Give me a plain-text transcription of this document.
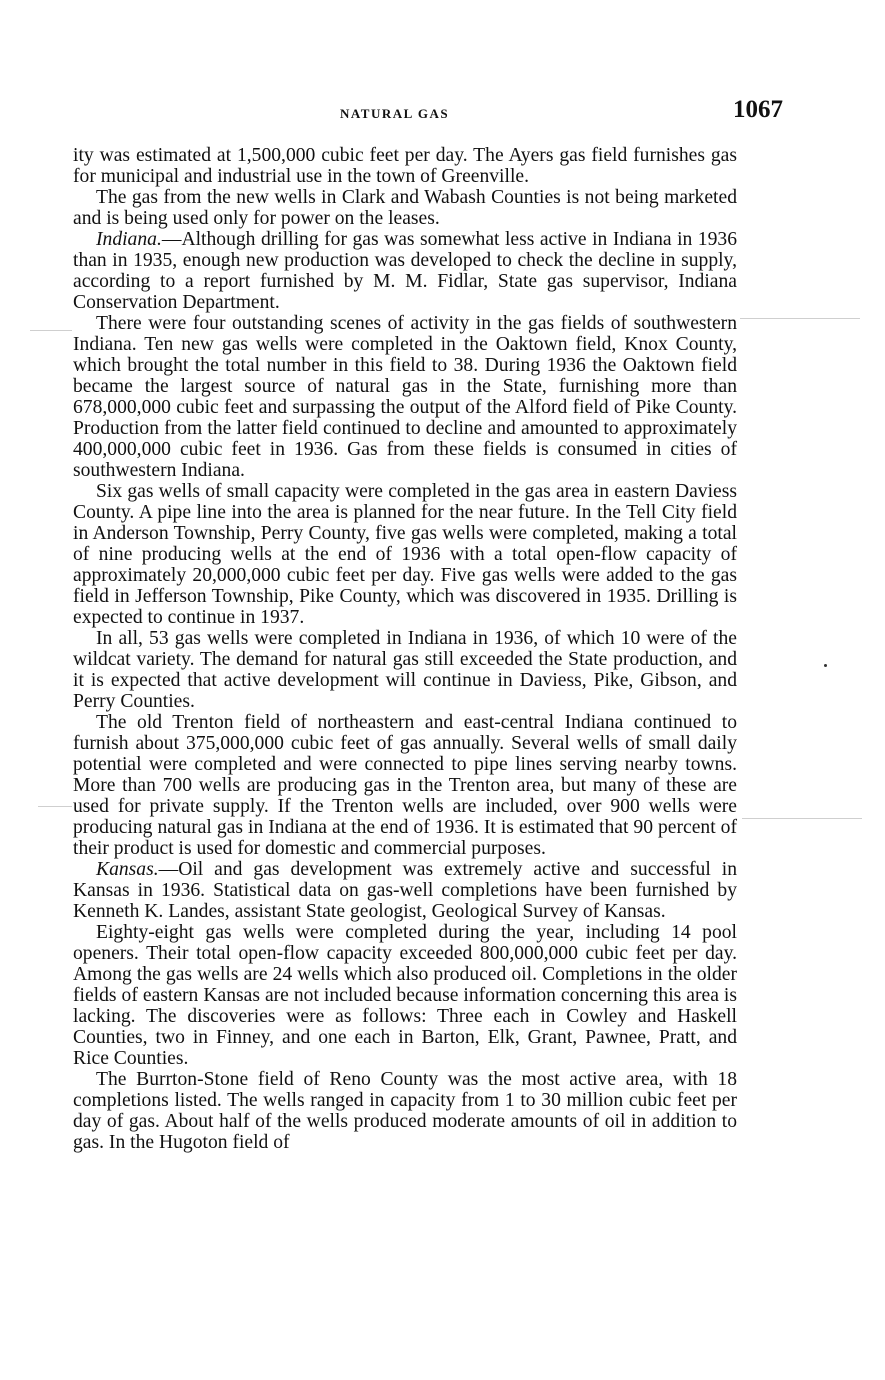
NATURAL GAS	1067

ity was estimated at 1,500,000 cubic feet per day. The Ayers gas field furnishes gas for municipal and industrial use in the town of Greenville.

The gas from the new wells in Clark and Wabash Counties is not being marketed and is being used only for power on the leases.

Indiana.—Although drilling for gas was somewhat less active in Indiana in 1936 than in 1935, enough new production was developed to check the decline in supply, according to a report furnished by M. M. Fidlar, State gas supervisor, Indiana Conservation Department.

There were four outstanding scenes of activity in the gas fields of southwestern Indiana. Ten new gas wells were completed in the Oaktown field, Knox County, which brought the total number in this field to 38. During 1936 the Oaktown field became the largest source of natural gas in the State, furnishing more than 678,000,000 cubic feet and surpassing the output of the Alford field of Pike County. Production from the latter field continued to decline and amounted to approximately 400,000,000 cubic feet in 1936. Gas from these fields is consumed in cities of southwestern Indiana.

Six gas wells of small capacity were completed in the gas area in eastern Daviess County. A pipe line into the area is planned for the near future. In the Tell City field in Anderson Township, Perry County, five gas wells were completed, making a total of nine producing wells at the end of 1936 with a total open-flow capacity of approximately 20,000,000 cubic feet per day. Five gas wells were added to the gas field in Jefferson Township, Pike County, which was discovered in 1935. Drilling is expected to continue in 1937.

In all, 53 gas wells were completed in Indiana in 1936, of which 10 were of the wildcat variety. The demand for natural gas still exceeded the State production, and it is expected that active development will continue in Daviess, Pike, Gibson, and Perry Counties.

The old Trenton field of northeastern and east-central Indiana continued to furnish about 375,000,000 cubic feet of gas annually. Several wells of small daily potential were completed and were connected to pipe lines serving nearby towns. More than 700 wells are producing gas in the Trenton area, but many of these are used for private supply. If the Trenton wells are included, over 900 wells were producing natural gas in Indiana at the end of 1936. It is estimated that 90 percent of their product is used for domestic and commercial purposes.

Kansas.—Oil and gas development was extremely active and successful in Kansas in 1936. Statistical data on gas-well completions have been furnished by Kenneth K. Landes, assistant State geologist, Geological Survey of Kansas.

Eighty-eight gas wells were completed during the year, including 14 pool openers. Their total open-flow capacity exceeded 800,000,000 cubic feet per day. Among the gas wells are 24 wells which also produced oil. Completions in the older fields of eastern Kansas are not included because information concerning this area is lacking. The discoveries were as follows: Three each in Cowley and Haskell Counties, two in Finney, and one each in Barton, Elk, Grant, Pawnee, Pratt, and Rice Counties.

The Burrton-Stone field of Reno County was the most active area, with 18 completions listed. The wells ranged in capacity from 1 to 30 million cubic feet per day of gas. About half of the wells produced moderate amounts of oil in addition to gas. In the Hugoton field of
